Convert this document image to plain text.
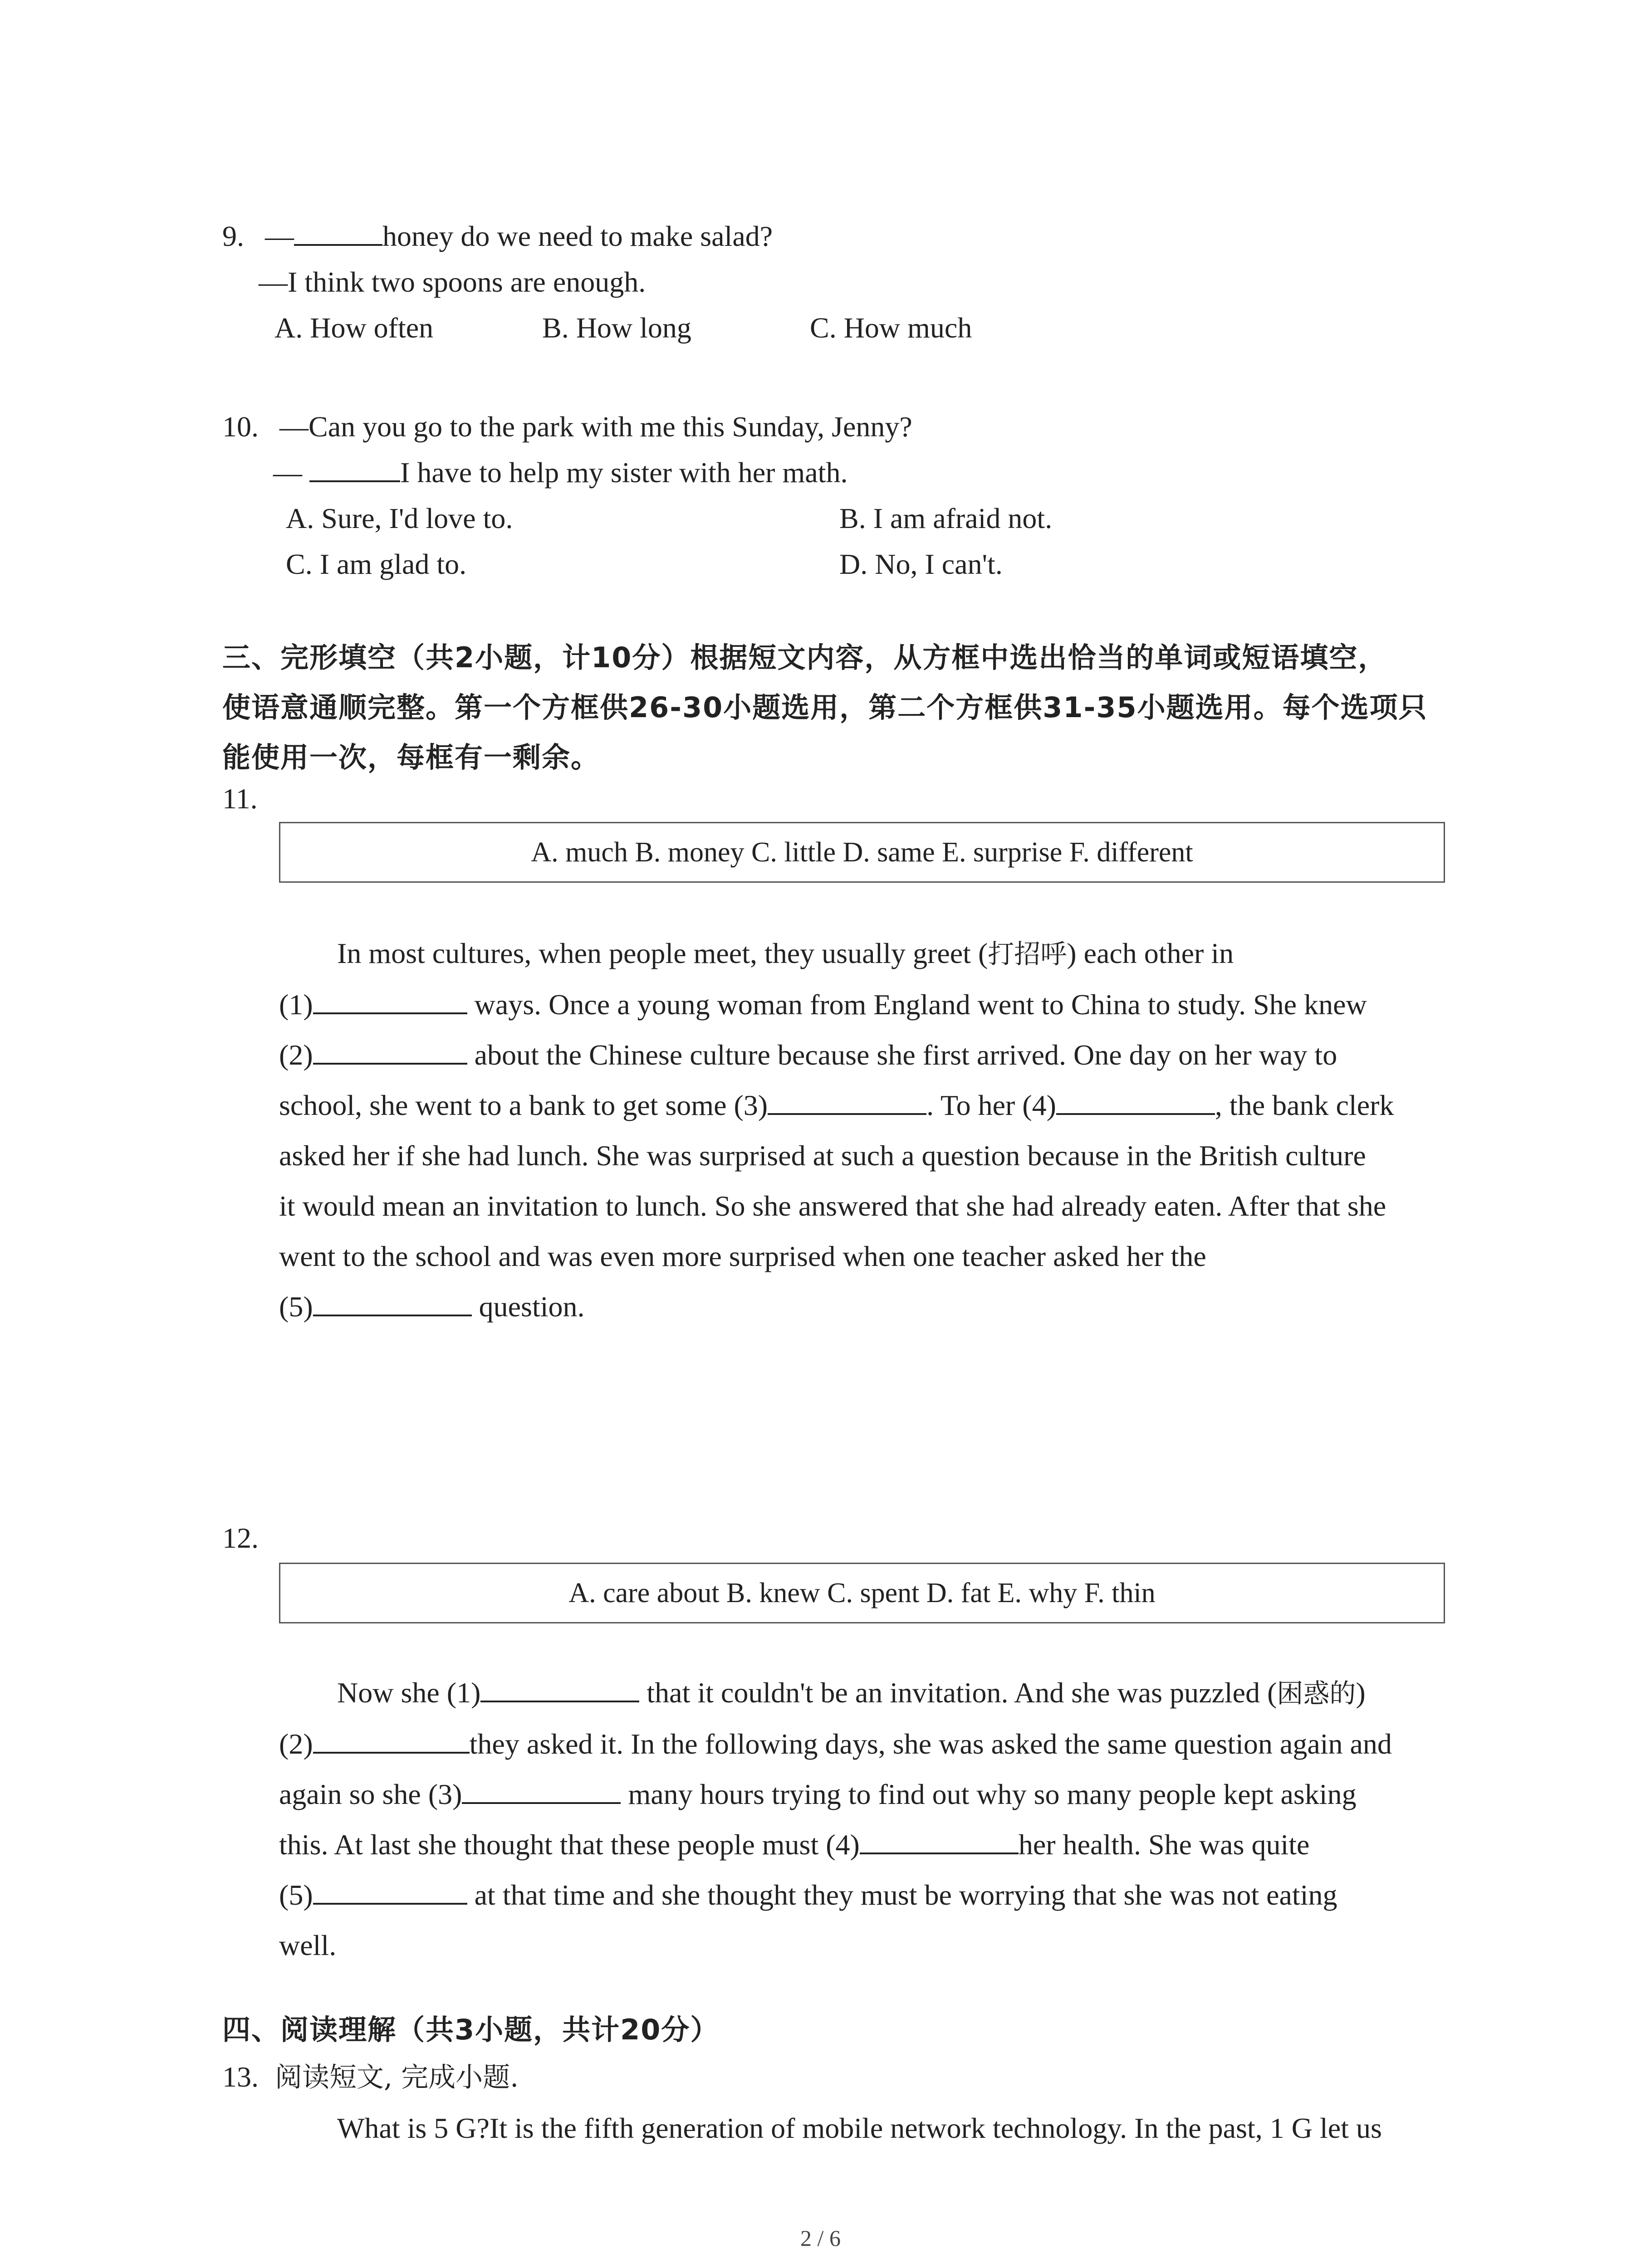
9. —	honey do we need to make salad?
—I think two spoons are enough.
A. How often	B. How long	C. How much
10. —Can you go to the park with me this Sunday, Jenny?
—	I have to help my sister with her math.
A. Sure, I'd love to.	B. I am afraid not.
C. I am glad to.	D. No, I can't.
三、完形填空（共2小题，计10分）根据短文内容，从方框中选出恰当的单词或短语填空，
使语意通顺完整。第一个方框供26-30小题选用，第二个方框供31-35小题选用。每个选项只
能使用一次，每框有一剩余。
11.
A. much B. money C. little D. same E. surprise F. different
In most cultures, when people meet, they usually greet (打招呼) each other in
(1)	ways. Once a young woman from England went to China to study. She knew
(2)	about the Chinese culture because she first arrived. One day on her way to
school, she went to a bank to get some (3)	. To her (4)	, the bank clerk
asked her if she had lunch. She was surprised at such a question because in the British culture
it would mean an invitation to lunch. So she answered that she had already eaten. After that she
went to the school and was even more surprised when one teacher asked her the
(5)	question.
12.
A. care about B. knew C. spent D. fat E. why F. thin
Now she (1)	that it couldn't be an invitation. And she was puzzled (困惑的)
(2)	they asked it. In the following days, she was asked the same question again and
again so she (3)	many hours trying to find out why so many people kept asking
this. At last she thought that these people must (4)	her health. She was quite
(5)	at that time and she thought they must be worrying that she was not eating
well.
四、阅读理解（共3小题，共计20分）
13. 阅读短文, 完成小题.
What is 5 G?It is the fifth generation of mobile network technology. In the past, 1 G let us
2 / 6
